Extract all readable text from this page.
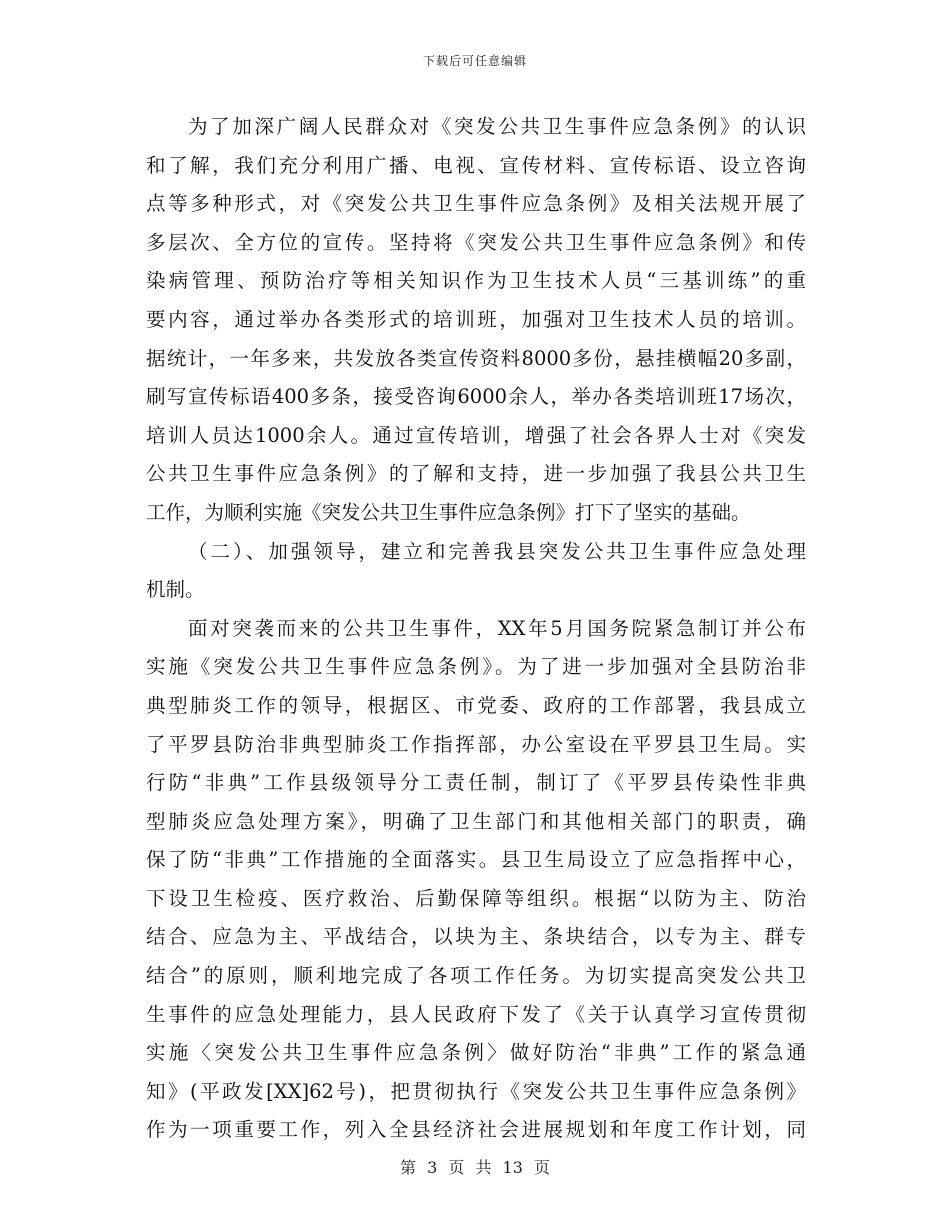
下载后可任意编辑
为了加深广阔人民群众对《突发公共卫生事件应急条例》的认识
和了解，我们充分利用广播、电视、宣传材料、宣传标语、设立咨询
点等多种形式，对《突发公共卫生事件应急条例》及相关法规开展了
多层次、全方位的宣传。坚持将《突发公共卫生事件应急条例》和传
染病管理、预防治疗等相关知识作为卫生技术人员“三基训练”的重
要内容，通过举办各类形式的培训班，加强对卫生技术人员的培训。
据统计，一年多来，共发放各类宣传资料8000多份，悬挂横幅20多副，
刷写宣传标语400多条，接受咨询6000余人，举办各类培训班17场次，
培训人员达1000余人。通过宣传培训，增强了社会各界人士对《突发
公共卫生事件应急条例》的了解和支持，进一步加强了我县公共卫生
工作，为顺利实施《突发公共卫生事件应急条例》打下了坚实的基础。
（二）、加强领导，建立和完善我县突发公共卫生事件应急处理
机制。
面对突袭而来的公共卫生事件，XX年5月国务院紧急制订并公布
实施《突发公共卫生事件应急条例》。为了进一步加强对全县防治非
典型肺炎工作的领导，根据区、市党委、政府的工作部署，我县成立
了平罗县防治非典型肺炎工作指挥部，办公室设在平罗县卫生局。实
行防“非典”工作县级领导分工责任制，制订了《平罗县传染性非典
型肺炎应急处理方案》，明确了卫生部门和其他相关部门的职责，确
保了防“非典”工作措施的全面落实。县卫生局设立了应急指挥中心，
下设卫生检疫、医疗救治、后勤保障等组织。根据“以防为主、防治
结合、应急为主、平战结合，以块为主、条块结合，以专为主、群专
结合”的原则，顺利地完成了各项工作任务。为切实提高突发公共卫
生事件的应急处理能力，县人民政府下发了《关于认真学习宣传贯彻
实施〈突发公共卫生事件应急条例〉做好防治“非典”工作的紧急通
知》(平政发[XX]62号)，把贯彻执行《突发公共卫生事件应急条例》
作为一项重要工作，列入全县经济社会进展规划和年度工作计划，同
第 3 页 共 13 页
